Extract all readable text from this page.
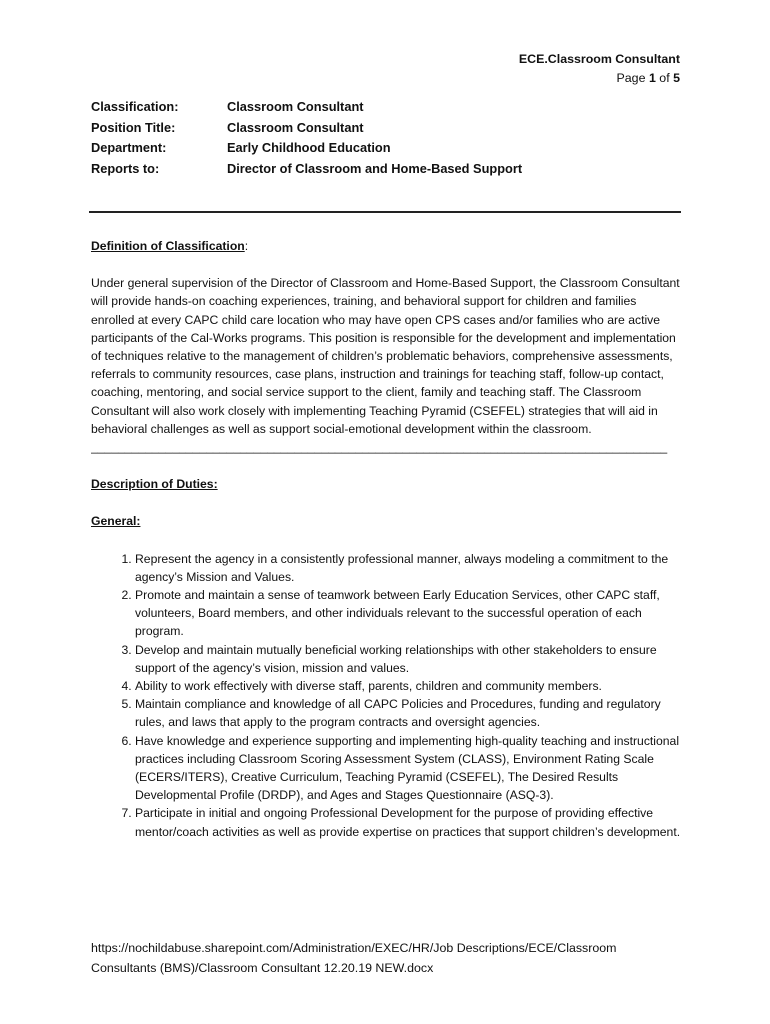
ECE.Classroom Consultant
Page 1 of 5
Classification:	Classroom Consultant
Position Title:	Classroom Consultant
Department:	Early Childhood Education
Reports to:	Director of Classroom and Home-Based Support

Definition of Classification:

Under general supervision of the Director of Classroom and Home-Based Support, the Classroom Consultant will provide hands-on coaching experiences, training, and behavioral support for children and families enrolled at every CAPC child care location who may have open CPS cases and/or families who are active participants of the Cal-Works programs. This position is responsible for the development and implementation of techniques relative to the management of children’s problematic behaviors, comprehensive assessments, referrals to community resources, case plans, instruction and trainings for teaching staff, follow-up contact, coaching, mentoring, and social service support to the client, family and teaching staff. The Classroom Consultant will also work closely with implementing Teaching Pyramid (CSEFEL) strategies that will aid in behavioral challenges as well as support social-emotional development within the classroom.

_____________________________________________________________________________________

Description of Duties:

General:

1. Represent the agency in a consistently professional manner, always modeling a commitment to the agency’s Mission and Values.
2. Promote and maintain a sense of teamwork between Early Education Services, other CAPC staff, volunteers, Board members, and other individuals relevant to the successful operation of each program.
3. Develop and maintain mutually beneficial working relationships with other stakeholders to ensure support of the agency’s vision, mission and values.
4. Ability to work effectively with diverse staff, parents, children and community members.
5. Maintain compliance and knowledge of all CAPC Policies and Procedures, funding and regulatory rules, and laws that apply to the program contracts and oversight agencies.
6. Have knowledge and experience supporting and implementing high-quality teaching and instructional practices including Classroom Scoring Assessment System (CLASS), Environment Rating Scale (ECERS/ITERS), Creative Curriculum, Teaching Pyramid (CSEFEL), The Desired Results Developmental Profile (DRDP), and Ages and Stages Questionnaire (ASQ-3).
7. Participate in initial and ongoing Professional Development for the purpose of providing effective mentor/coach activities as well as provide expertise on practices that support children’s development.
https://nochildabuse.sharepoint.com/Administration/EXEC/HR/Job Descriptions/ECE/Classroom Consultants (BMS)/Classroom Consultant 12.20.19 NEW.docx
